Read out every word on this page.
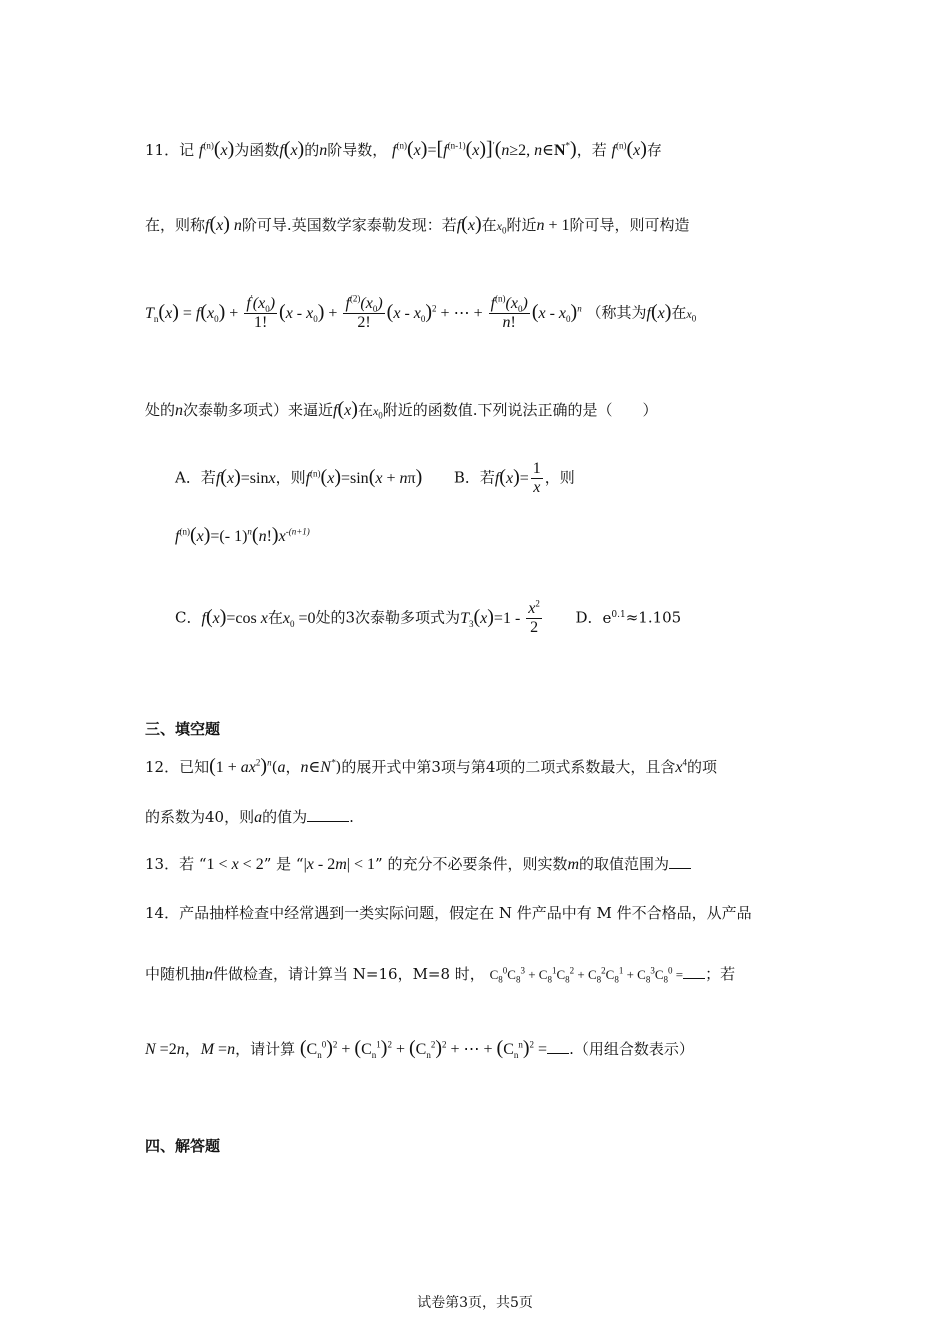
11．记 $f^{(n)}(x)$为函数f(x)的n阶导数， $f^{(n)}(x)=[f^{(n-1)}(x)]'(n\ge 2$, n∈N*)，若 $f^{(n)}(x)$存
在，则称f(x) n阶可导.英国数学家泰勒发现：若f(x)在$x_0$附近n + 1阶可导，则可构造
$T_n(x) = f(x_0) + \frac{f'(x_0)}{1!} (x - x_0) + \frac{f^{(2)}(x_0)}{2!} (x - x_0)^2$ + ⋯ + $\frac{f^{(n)}(x_0)}{n!} (x - x_0)^n$ （称其为f(x)在$x_0$
处的n次泰勒多项式）来逼近f(x)在$x_0$附近的函数值.下列说法正确的是（　　）
A．若f(x)=sinx，则$f^{(n)}(x)=\sin(x + n\pi)$ B．若$f(x)= \frac{1}{x}$ ，则
$f^{(n)}(x)=(-$ $1)^n(n!)x^{-(n+1)}$
C．f(x)=cos x在$x_0 =0$处的3次泰勒多项式为$T_3(x)=1 - \frac{x^2}{2}$ D．$e^{0.1}\approx 1.105$
三、填空题
12．已知$(1 + ax^2)^n(a$，n∈N*)的展开式中第3项与第4项的二项式系数最大，且含$x^4$的项
的系数为40，则a的值为	.
13．若 “1 < x < 2” 是 “|x - 2m| < 1” 的充分不必要条件，则实数m的取值范围为
14．产品抽样检查中经常遇到一类实际问题，假定在 N 件产品中有 M 件不合格品，从产品
中随机抽n件做检查，请计算当 N=16，M=8 时， $C_8^0C_8^3 + C_8^1C_8^2 + C_8^2C_8^1 + C_8^3C_8^0$ = ；若
N =2n，M =n，请计算 $(C_n^0)^2 + (C_n^1)^2 + (C_n^2)^2$ + ⋯ + $(C_n^n)^2$ = .（用组合数表示）
四、解答题
试卷第3页，共5页
